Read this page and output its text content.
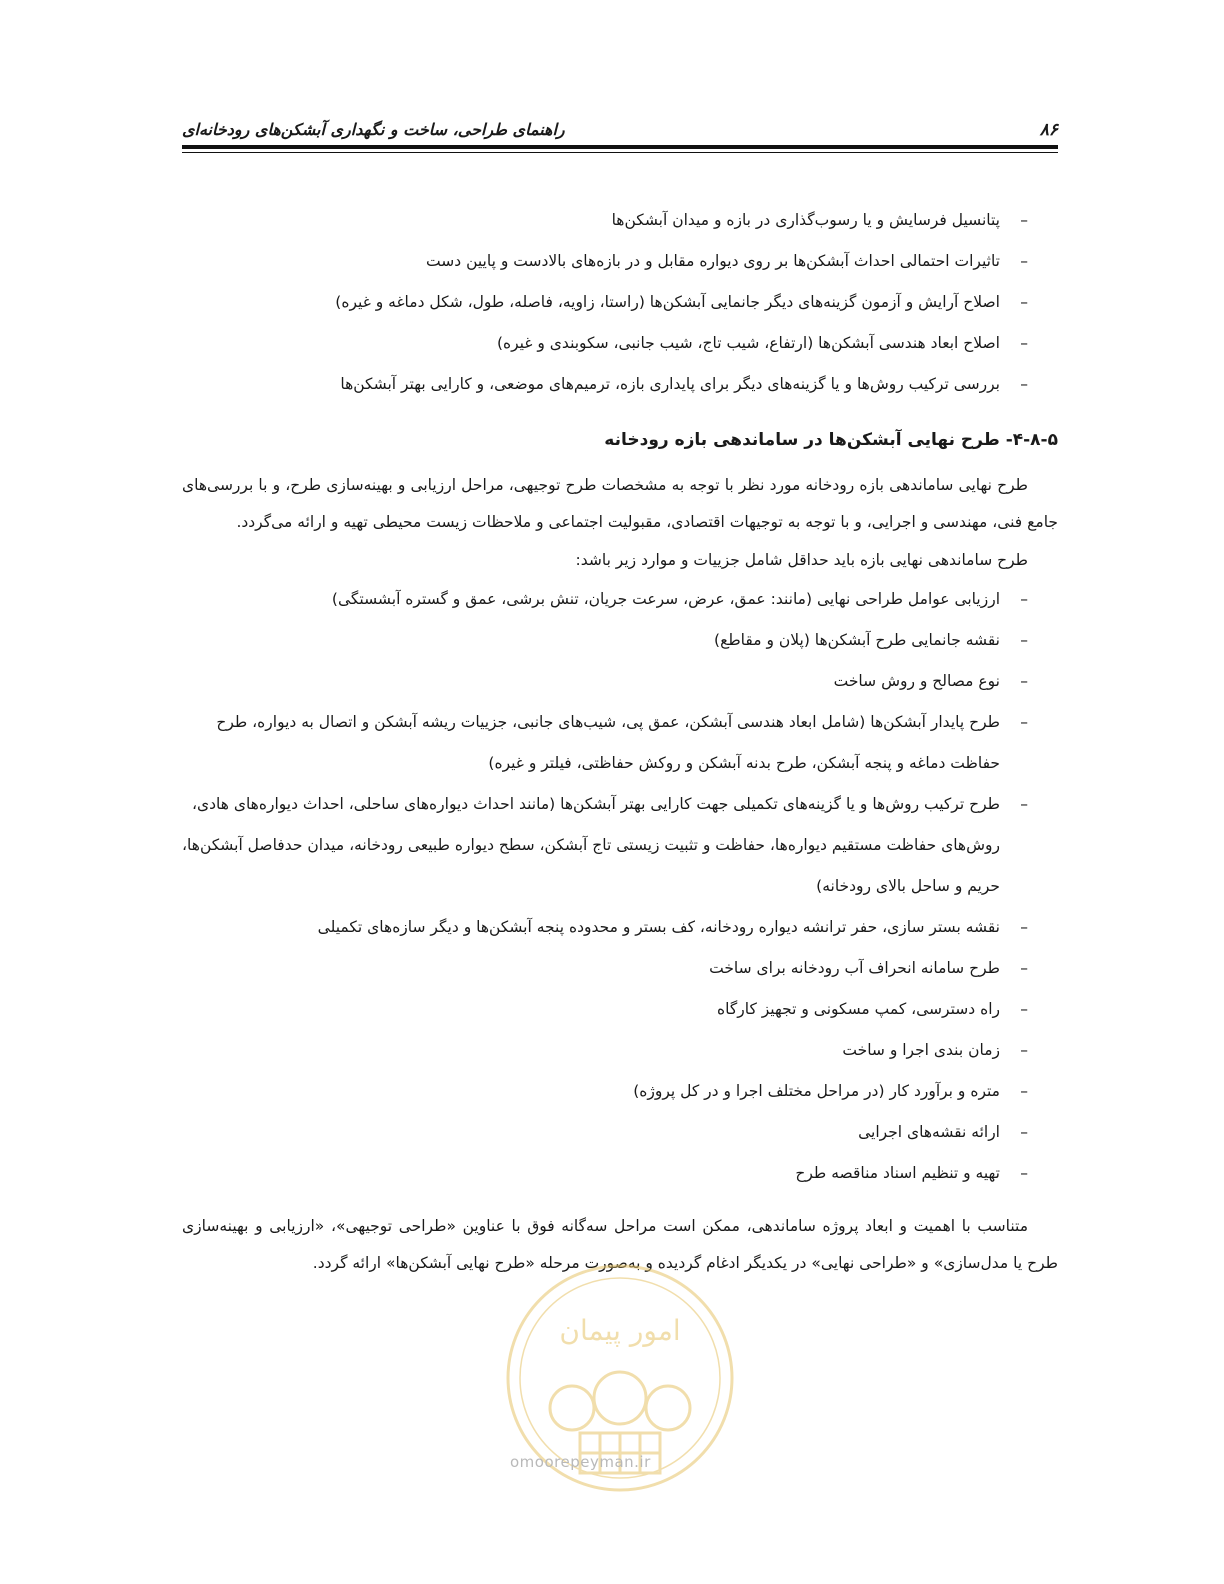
۸۶
راهنمای طراحی، ساخت و نگهداری آبشکن‌های رودخانه‌ای
–
پتانسیل فرسایش و یا رسوب‌گذاری در بازه و میدان آبشکن‌ها
–
تاثیرات احتمالی احداث آبشکن‌ها بر روی دیواره مقابل و در بازه‌های بالادست و پایین دست
–
اصلاح آرایش و آزمون گزینه‌های دیگر جانمایی آبشکن‌ها (راستا، زاویه، فاصله، طول، شکل دماغه و غیره)
–
اصلاح ابعاد هندسی آبشکن‌ها (ارتفاع، شیب تاج، شیب جانبی، سکوبندی و غیره)
–
بررسی ترکیب روش‌ها و یا گزینه‌های دیگر برای پایداری بازه، ترمیم‌های موضعی، و کارایی بهتر آبشکن‌ها
۴-۸-۵- طرح نهایی آبشکن‌ها در ساماندهی بازه رودخانه

طرح نهایی ساماندهی بازه رودخانه مورد نظر با توجه به مشخصات طرح توجیهی، مراحل ارزیابی و بهینه‌سازی طرح، و با بررسی‌های جامع فنی، مهندسی و اجرایی، و با توجه به توجیهات اقتصادی، مقبولیت اجتماعی و ملاحظات زیست محیطی تهیه و ارائه می‌گردد.

طرح ساماندهی نهایی بازه باید حداقل شامل جزییات و موارد زیر باشد:

–
ارزیابی عوامل طراحی نهایی (مانند: عمق، عرض، سرعت جریان، تنش برشی، عمق و گستره آبشستگی)
–
نقشه جانمایی طرح آبشکن‌ها (پلان و مقاطع)
–
نوع مصالح و روش ساخت
–
طرح پایدار آبشکن‌ها (شامل ابعاد هندسی آبشکن، عمق پی، شیب‌های جانبی، جزییات ریشه آبشکن و اتصال به دیواره، طرح حفاظت دماغه و پنجه آبشکن، طرح بدنه آبشکن و روکش حفاظتی، فیلتر و غیره)
–
طرح ترکیب روش‌ها و یا گزینه‌های تکمیلی جهت کارایی بهتر آبشکن‌ها (مانند احداث دیواره‌های ساحلی، احداث دیواره‌های هادی، روش‌های حفاظت مستقیم دیواره‌ها، حفاظت و تثبیت زیستی تاج آبشکن، سطح دیواره طبیعی رودخانه، میدان حدفاصل آبشکن‌ها، حریم و ساحل بالای رودخانه)
–
نقشه بستر سازی، حفر ترانشه دیواره رودخانه، کف بستر و محدوده پنجه آبشکن‌ها و دیگر سازه‌های تکمیلی
–
طرح سامانه انحراف آب رودخانه برای ساخت
–
راه دسترسی، کمپ مسکونی و تجهیز کارگاه
–
زمان بندی اجرا و ساخت
–
متره و برآورد کار (در مراحل مختلف اجرا و در کل پروژه)
–
ارائه نقشه‌های اجرایی
–
تهیه و تنظیم اسناد مناقصه طرح

متناسب با اهمیت و ابعاد پروژه ساماندهی، ممکن است مراحل سه‌گانه فوق با عناوین «طراحی توجیهی»، «ارزیابی و بهینه‌سازی طرح یا مدل‌سازی» و «طراحی نهایی» در یکدیگر ادغام گردیده و به‌صورت مرحله «طرح نهایی آبشکن‌ها» ارائه گردد.

امور پیمان
omoorepeyman.ir
